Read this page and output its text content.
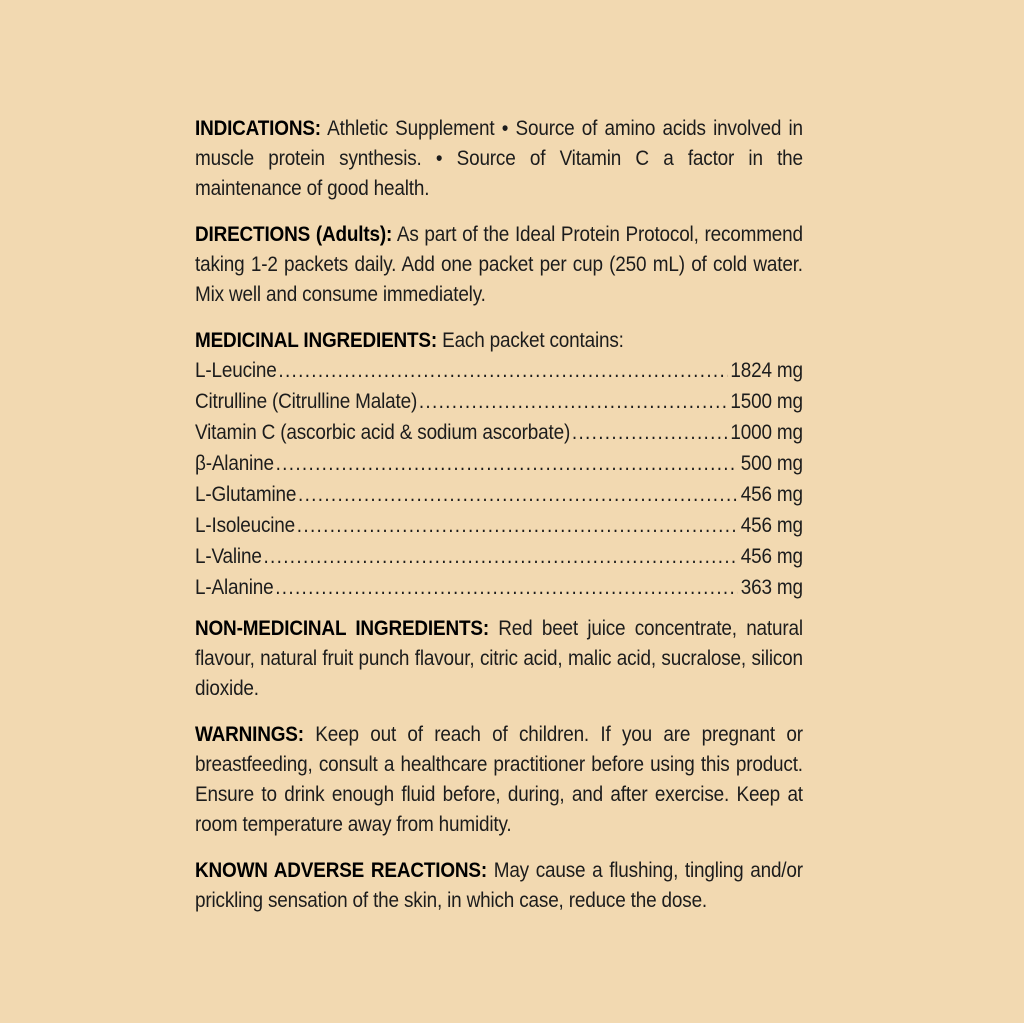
INDICATIONS: Athletic Supplement • Source of amino acids involved in muscle protein synthesis. • Source of Vitamin C a factor in the maintenance of good health.

DIRECTIONS (Adults): As part of the Ideal Protein Protocol, recommend taking 1-2 packets daily. Add one packet per cup (250 mL) of cold water. Mix well and consume immediately.

MEDICINAL INGREDIENTS: Each packet contains:

L-Leucine .....	1824 mg
Citrulline (Citrulline Malate) .....	1500 mg
Vitamin C (ascorbic acid & sodium ascorbate) .....	1000 mg
β-Alanine .....	500 mg
L-Glutamine .....	456 mg
L-Isoleucine .....	456 mg
L-Valine .....	456 mg
L-Alanine .....	363 mg

NON-MEDICINAL INGREDIENTS: Red beet juice concentrate, natural flavour, natural fruit punch flavour, citric acid, malic acid, sucralose, silicon dioxide.

WARNINGS: Keep out of reach of children. If you are pregnant or breastfeeding, consult a healthcare practitioner before using this product. Ensure to drink enough fluid before, during, and after exercise. Keep at room temperature away from humidity.

KNOWN ADVERSE REACTIONS: May cause a flushing, tingling and/or prickling sensation of the skin, in which case, reduce the dose.
